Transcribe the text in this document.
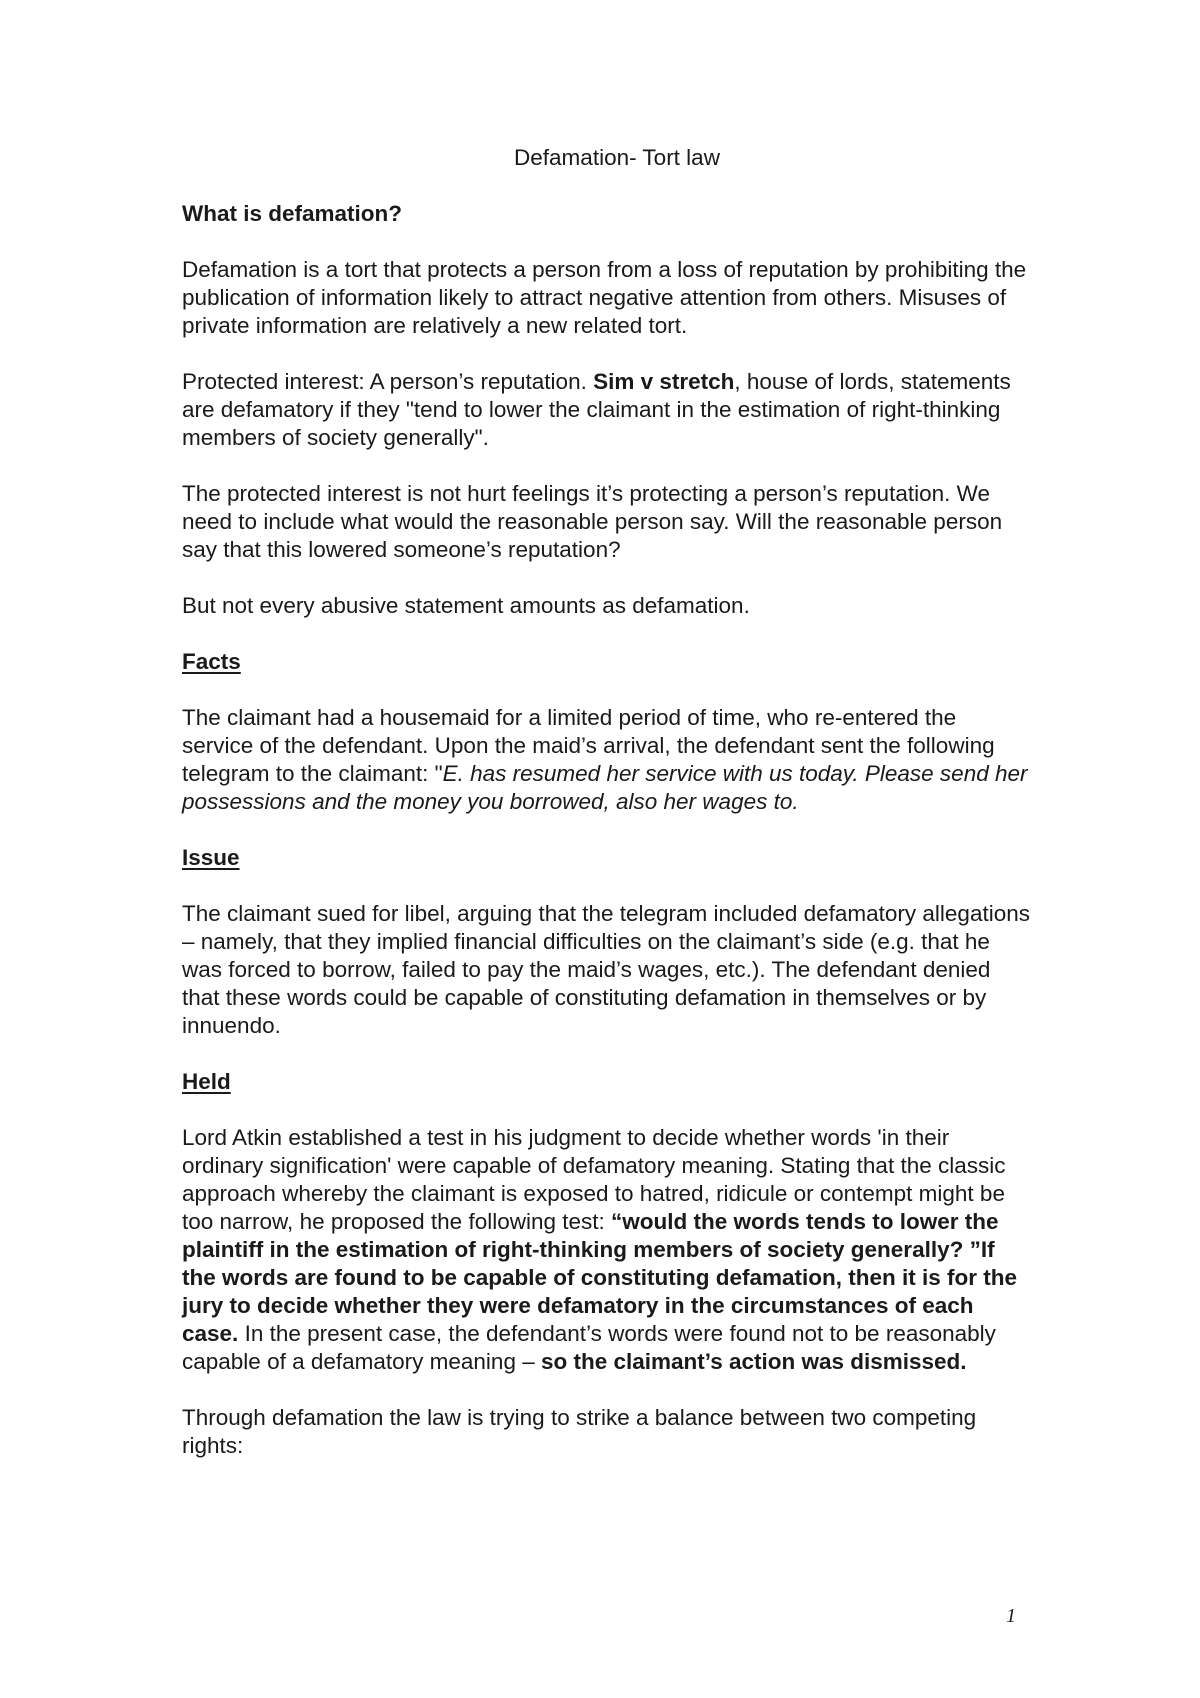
Defamation- Tort law

What is defamation?

Defamation is a tort that protects a person from a loss of reputation by prohibiting the publication of information likely to attract negative attention from others. Misuses of private information are relatively a new related tort.

Protected interest: A person’s reputation. Sim v stretch, house of lords, statements are defamatory if they "tend to lower the claimant in the estimation of right-thinking members of society generally".

The protected interest is not hurt feelings it’s protecting a person’s reputation. We need to include what would the reasonable person say. Will the reasonable person say that this lowered someone’s reputation?

But not every abusive statement amounts as defamation.

Facts

The claimant had a housemaid for a limited period of time, who re-entered the service of the defendant. Upon the maid’s arrival, the defendant sent the following telegram to the claimant: "E. has resumed her service with us today. Please send her possessions and the money you borrowed, also her wages to.

Issue

The claimant sued for libel, arguing that the telegram included defamatory allegations – namely, that they implied financial difficulties on the claimant’s side (e.g. that he was forced to borrow, failed to pay the maid’s wages, etc.). The defendant denied that these words could be capable of constituting defamation in themselves or by innuendo.

Held

Lord Atkin established a test in his judgment to decide whether words 'in their ordinary signification' were capable of defamatory meaning. Stating that the classic approach whereby the claimant is exposed to hatred, ridicule or contempt might be too narrow, he proposed the following test: “would the words tends to lower the plaintiff in the estimation of right-thinking members of society generally? ”If the words are found to be capable of constituting defamation, then it is for the jury to decide whether they were defamatory in the circumstances of each case. In the present case, the defendant’s words were found not to be reasonably capable of a defamatory meaning – so the claimant’s action was dismissed.

Through defamation the law is trying to strike a balance between two competing rights:

1
